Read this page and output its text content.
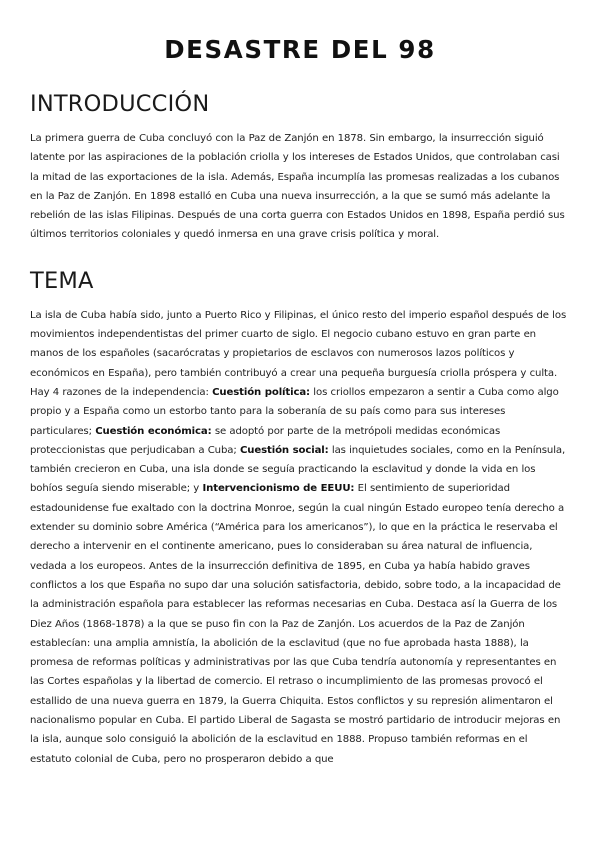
DESASTRE DEL 98
INTRODUCCIÓN

La primera guerra de Cuba concluyó con la Paz de Zanjón en 1878. Sin embargo, la insurrección siguió latente por las aspiraciones de la población criolla y los intereses de Estados Unidos, que controlaban casi la mitad de las exportaciones de la isla. Además, España incumplía las promesas realizadas a los cubanos en la Paz de Zanjón. En 1898 estalló en Cuba una nueva insurrección, a la que se sumó más adelante la rebelión de las islas Filipinas. Después de una corta guerra con Estados Unidos en 1898, España perdió sus últimos territorios coloniales y quedó inmersa en una grave crisis política y moral.

TEMA

La isla de Cuba había sido, junto a Puerto Rico y Filipinas, el único resto del imperio español después de los movimientos independentistas del primer cuarto de siglo. El negocio cubano estuvo en gran parte en manos de los españoles (sacarócratas y propietarios de esclavos con numerosos lazos políticos y económicos en España), pero también contribuyó a crear una pequeña burguesía criolla próspera y culta. Hay 4 razones de la independencia: Cuestión política: los criollos empezaron a sentir a Cuba como algo propio y a España como un estorbo tanto para la soberanía de su país como para sus intereses particulares; Cuestión económica: se adoptó por parte de la metrópoli medidas económicas proteccionistas que perjudicaban a Cuba; Cuestión social: las inquietudes sociales, como en la Península, también crecieron en Cuba, una isla donde se seguía practicando la esclavitud y donde la vida en los bohíos seguía siendo miserable; y Intervencionismo de EEUU: El sentimiento de superioridad estadounidense fue exaltado con la doctrina Monroe, según la cual ningún Estado europeo tenía derecho a extender su dominio sobre América (“América para los americanos”), lo que en la práctica le reservaba el derecho a intervenir en el continente americano, pues lo consideraban su área natural de influencia, vedada a los europeos. Antes de la insurrección definitiva de 1895, en Cuba ya había habido graves conflictos a los que España no supo dar una solución satisfactoria, debido, sobre todo, a la incapacidad de la administración española para establecer las reformas necesarias en Cuba. Destaca así la Guerra de los Diez Años (1868-1878) a la que se puso fin con la Paz de Zanjón. Los acuerdos de la Paz de Zanjón establecían: una amplia amnistía, la abolición de la esclavitud (que no fue aprobada hasta 1888), la promesa de reformas políticas y administrativas por las que Cuba tendría autonomía y representantes en las Cortes españolas y la libertad de comercio. El retraso o incumplimiento de las promesas provocó el estallido de una nueva guerra en 1879, la Guerra Chiquita. Estos conflictos y su represión alimentaron el nacionalismo popular en Cuba. El partido Liberal de Sagasta se mostró partidario de introducir mejoras en la isla, aunque solo consiguió la abolición de la esclavitud en 1888. Propuso también reformas en el estatuto colonial de Cuba, pero no prosperaron debido a que
